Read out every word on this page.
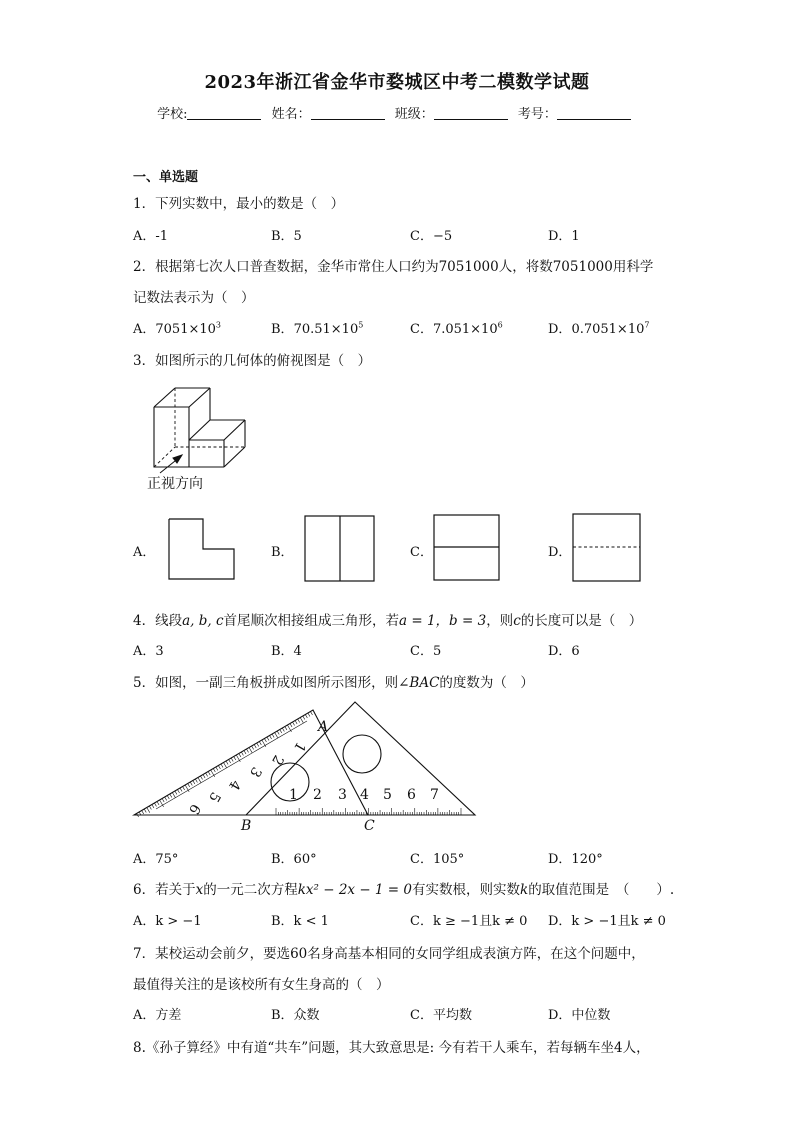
2023年浙江省金华市婺城区中考二模数学试题
学校:	姓名：	班级：	考号：
一、单选题
1．下列实数中，最小的数是（　）
A．-1	B．5	C．−5	D．1
2．根据第七次人口普查数据，金华市常住人口约为7051000人，将数7051000用科学
记数法表示为（　）
A．$7051\times 10^3$	B．$70.51\times 10^5$	C．$7.051\times 10^6$	D．$0.7051\times 10^7$
3．如图所示的几何体的俯视图是（　）
正视方向
A．	B．	C．	D．
4．线段a, b, c首尾顺次相接组成三角形，若a = 1，b = 3，则c的长度可以是（　）
A．3	B．4	C．5	D．6
5．如图，一副三角板拼成如图所示图形，则∠BAC的度数为（　）
1
2
3
4
5
6
1 2 3 4 5 6 7
A
B	C
A．75°	B．60°	C．105°	D．120°
6．若关于x的一元二次方程kx² − 2x − 1 = 0有实数根，则实数k的取值范围是　（　　）.
A．k > −1	B．k < 1	C．k ≥ −1且k ≠ 0 D．k > −1且k ≠ 0
7．某校运动会前夕，要选60名身高基本相同的女同学组成表演方阵，在这个问题中，
最值得关注的是该校所有女生身高的（　）
A．方差	B．众数	C．平均数	D．中位数
8.《孙子算经》中有道“共车”问题，其大致意思是: 今有若干人乘车，若每辆车坐4人，
